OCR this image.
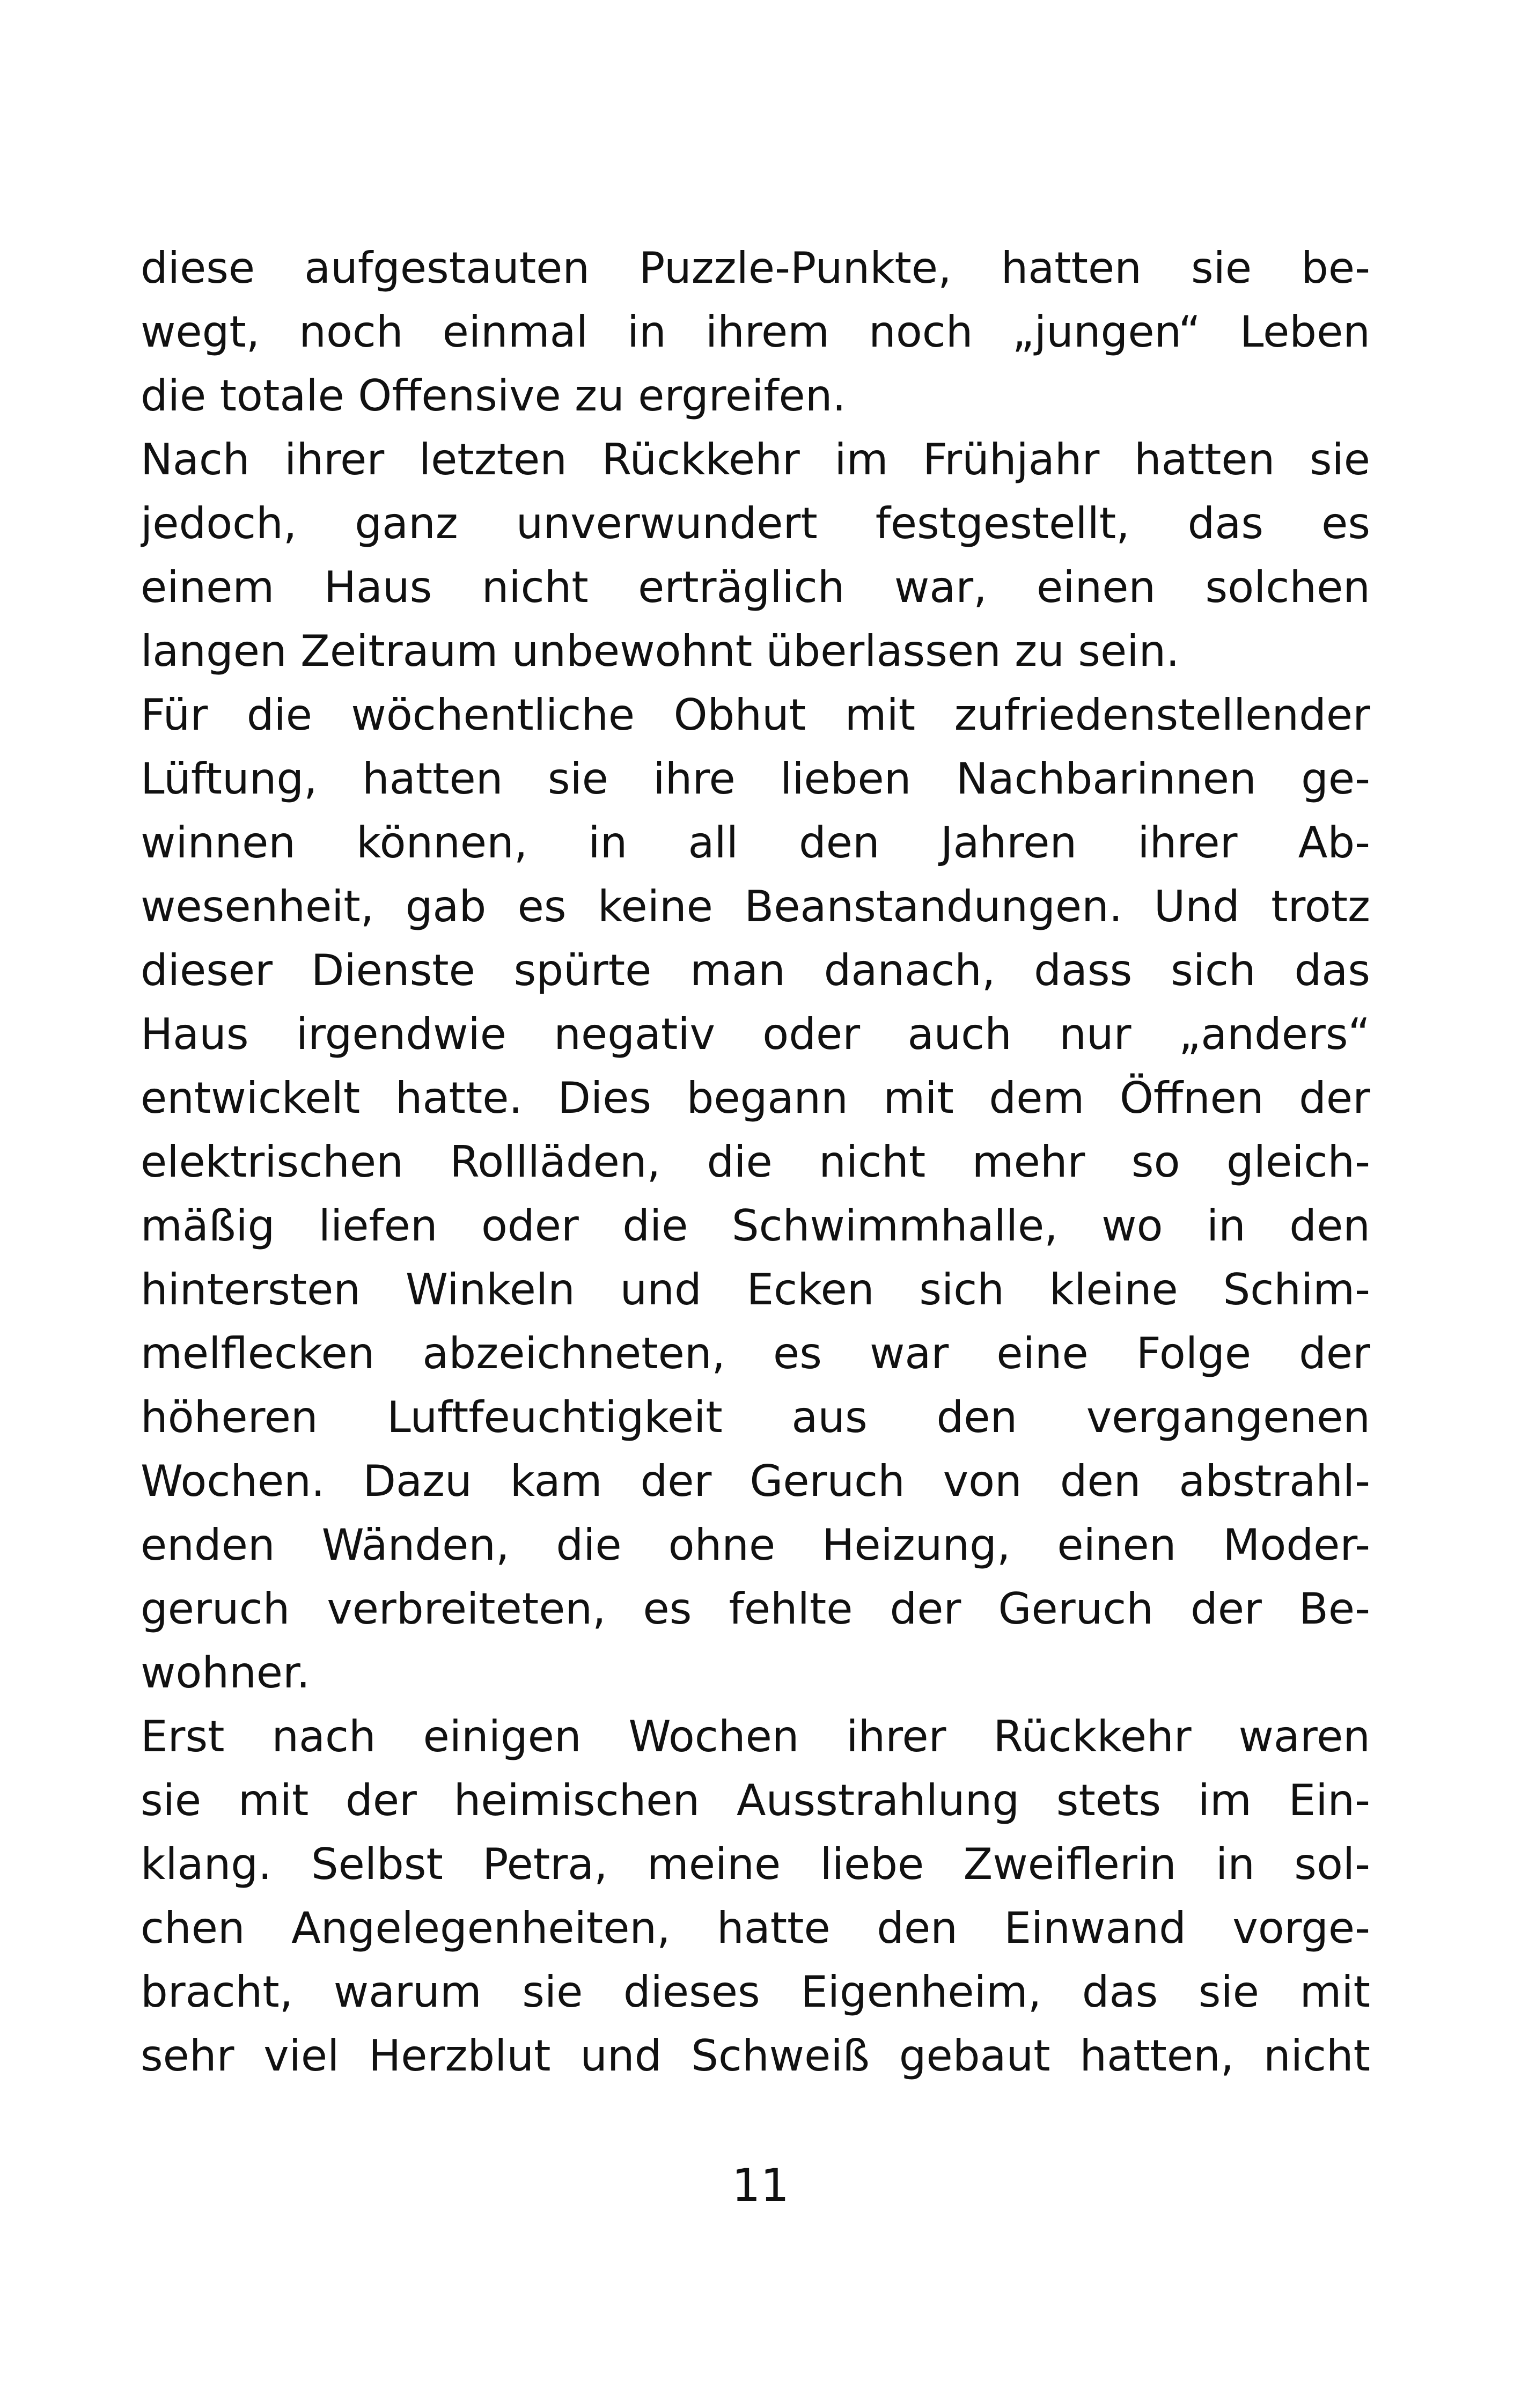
diese aufgestauten Puzzle-Punkte, hatten sie be-
wegt, noch einmal in ihrem noch „jungen“ Leben
die totale Offensive zu ergreifen.
Nach ihrer letzten Rückkehr im Frühjahr hatten sie
jedoch, ganz unverwundert festgestellt, das es
einem Haus nicht erträglich war, einen solchen
langen Zeitraum unbewohnt überlassen zu sein.
Für die wöchentliche Obhut mit zufriedenstellender
Lüftung, hatten sie ihre lieben Nachbarinnen ge-
winnen können, in all den Jahren ihrer Ab-
wesenheit, gab es keine Beanstandungen. Und trotz
dieser Dienste spürte man danach, dass sich das
Haus irgendwie negativ oder auch nur „anders“
entwickelt hatte. Dies begann mit dem Öffnen der
elektrischen Rollläden, die nicht mehr so gleich-
mäßig liefen oder die Schwimmhalle, wo in den
hintersten Winkeln und Ecken sich kleine Schim-
melflecken abzeichneten, es war eine Folge der
höheren Luftfeuchtigkeit aus den vergangenen
Wochen. Dazu kam der Geruch von den abstrahl-
enden Wänden, die ohne Heizung, einen Moder-
geruch verbreiteten, es fehlte der Geruch der Be-
wohner.
Erst nach einigen Wochen ihrer Rückkehr waren
sie mit der heimischen Ausstrahlung stets im Ein-
klang. Selbst Petra, meine liebe Zweiflerin in sol-
chen Angelegenheiten, hatte den Einwand vorge-
bracht, warum sie dieses Eigenheim, das sie mit
sehr viel Herzblut und Schweiß gebaut hatten, nicht
11
